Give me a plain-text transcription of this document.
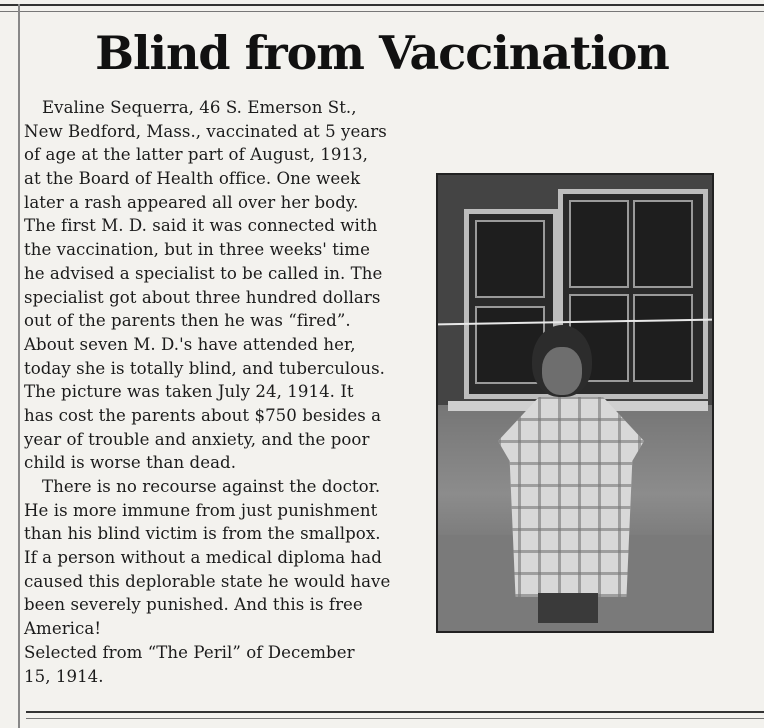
Blind from Vaccination
Evaline Sequerra, 46 S. Emerson St.,
New Bedford, Mass., vaccinated at 5 years
of age at the latter part of August, 1913,
at the Board of Health office. One week
later a rash appeared all over her body.
The first M. D. said it was connected with
the vaccination, but in three weeks' time
he advised a specialist to be called in. The
specialist got about three hundred dollars
out of the parents then he was “fired”.
About seven M. D.'s have attended her,
today she is totally blind, and tuberculous.
The picture was taken July 24, 1914. It
has cost the parents about $750 besides a
year of trouble and anxiety, and the poor
child is worse than dead.
There is no recourse against the doctor.
He is more immune from just punishment
than his blind victim is from the smallpox.
If a person without a medical diploma had
caused this deplorable state he would have
been severely punished. And this is free
America!
Selected from “The Peril” of December
15, 1914.
